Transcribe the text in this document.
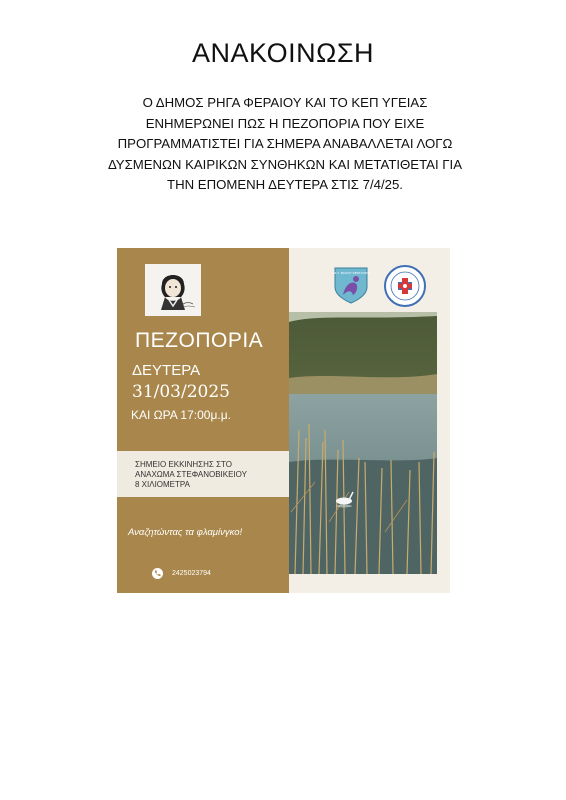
ΑΝΑΚΟΙΝΩΣΗ
Ο ΔΗΜΟΣ ΡΗΓΑ ΦΕΡΑΙΟΥ ΚΑΙ ΤΟ ΚΕΠ ΥΓΕΙΑΣ
ΕΝΗΜΕΡΩΝΕΙ ΠΩΣ Η ΠΕΖΟΠΟΡΙΑ ΠΟΥ ΕΙΧΕ
ΠΡΟΓΡΑΜΜΑΤΙΣΤΕΙ ΓΙΑ ΣΗΜΕΡΑ ΑΝΑΒΑΛΛΕΤΑΙ ΛΟΓΩ
ΔΥΣΜΕΝΩΝ ΚΑΙΡΙΚΩΝ ΣΥΝΘΗΚΩΝ ΚΑΙ ΜΕΤΑΤΙΘΕΤΑΙ ΓΙΑ
ΤΗΝ ΕΠΟΜΕΝΗ ΔΕΥΤΕΡΑ ΣΤΙΣ 7/4/25.
Σ.Δ.Υ. ΒΟΛΟΥ ΚΕΝΤΑΥΡΟΣ
ΠΕΖΟΠΟΡΙΑ
ΔΕΥΤΕΡΑ
31/03/2025
ΚΑΙ ΩΡΑ 17:00μ.μ.
ΣΗΜΕΙΟ ΕΚΚΙΝΗΣΗΣ ΣΤΟ
ΑΝΑΧΩΜΑ ΣΤΕΦΑΝΟΒΙΚΕΙΟΥ
8 ΧΙΛΙΟΜΕΤΡΑ
Αναζητώντας τα φλαμίνγκο!
2425023794
